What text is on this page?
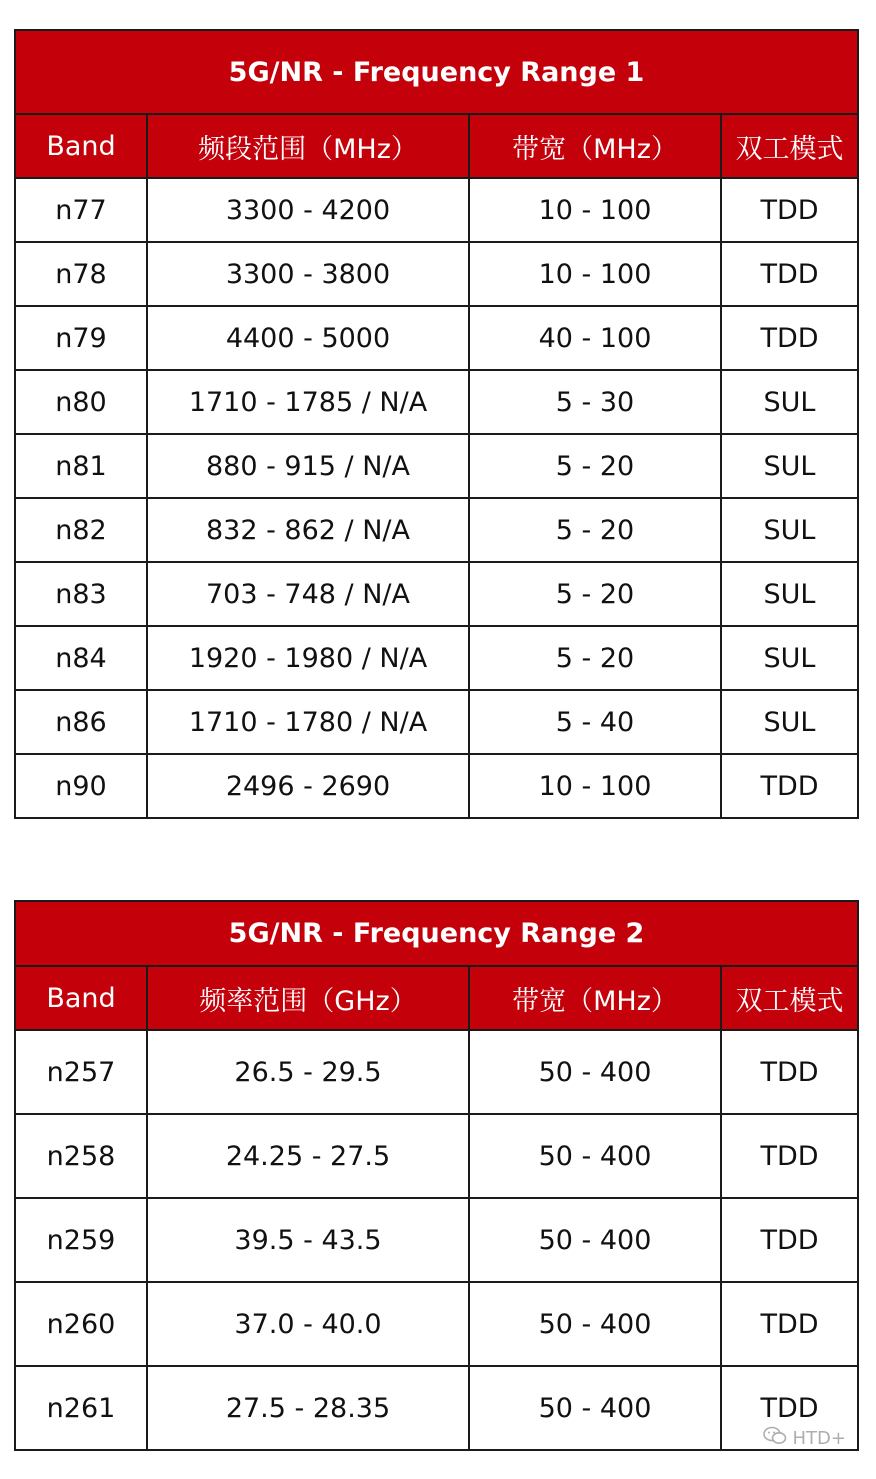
5G/NR - Frequency Range 1			
Band	频段范围（MHz）	带宽（MHz）	双工模式
n77	3300 - 4200	10 - 100	TDD
n78	3300 - 3800	10 - 100	TDD
n79	4400 - 5000	40 - 100	TDD
n80	1710 - 1785 / N/A	5 - 30	SUL
n81	880 - 915 / N/A	5 - 20	SUL
n82	832 - 862 / N/A	5 - 20	SUL
n83	703 - 748 / N/A	5 - 20	SUL
n84	1920 - 1980 / N/A	5 - 20	SUL
n86	1710 - 1780 / N/A	5 - 40	SUL
n90	2496 - 2690	10 - 100	TDD
5G/NR - Frequency Range 2			
Band	频率范围（GHz）	带宽（MHz）	双工模式
n257	26.5 - 29.5	50 - 400	TDD
n258	24.25 - 27.5	50 - 400	TDD
n259	39.5 - 43.5	50 - 400	TDD
n260	37.0 - 40.0	50 - 400	TDD
n261	27.5 - 28.35	50 - 400	TDD
HTD+
